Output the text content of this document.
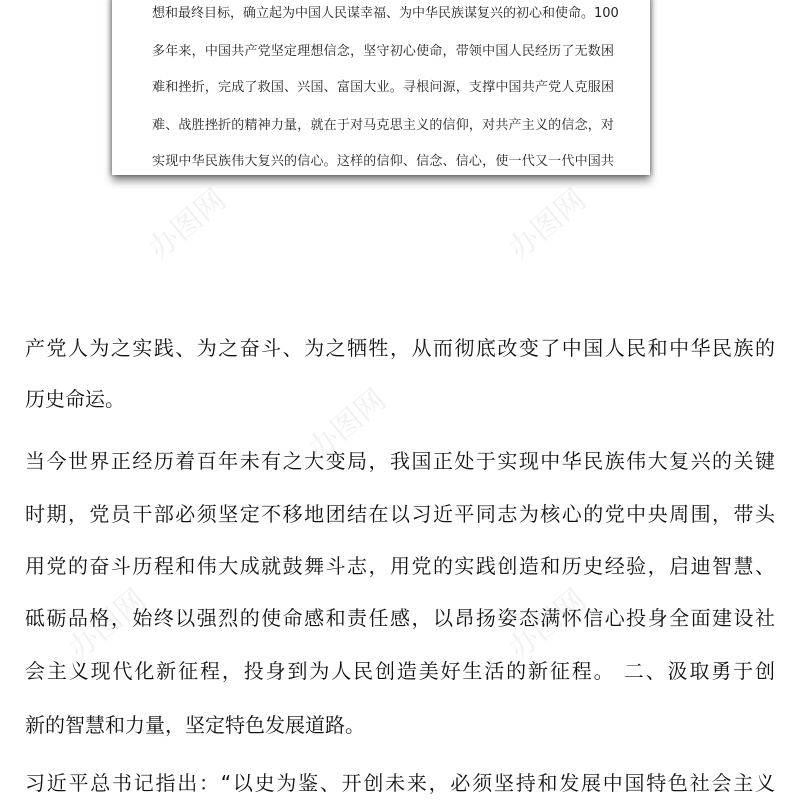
办图网	办图网
办图网
办图网	办图网
想和最终目标，确立起为中国人民谋幸福、为中华民族谋复兴的初心和使命。100
多年来，中国共产党坚定理想信念，坚守初心使命，带领中国人民经历了无数困
难和挫折，完成了救国、兴国、富国大业。寻根问源，支撑中国共产党人克服困
难、战胜挫折的精神力量，就在于对马克思主义的信仰，对共产主义的信念，对
实现中华民族伟大复兴的信心。这样的信仰、信念、信心，使一代又一代中国共
产党人为之实践、为之奋斗、为之牺牲，从而彻底改变了中国人民和中华民族的
历史命运。
当今世界正经历着百年未有之大变局，我国正处于实现中华民族伟大复兴的关键
时期，党员干部必须坚定不移地团结在以习近平同志为核心的党中央周围，带头
用党的奋斗历程和伟大成就鼓舞斗志，用党的实践创造和历史经验，启迪智慧、
砥砺品格，始终以强烈的使命感和责任感，以昂扬姿态满怀信心投身全面建设社
会主义现代化新征程，投身到为人民创造美好生活的新征程。 二、汲取勇于创
新的智慧和力量，坚定特色发展道路。
习近平总书记指出：“以史为鉴、开创未来，必须坚持和发展中国特色社会主义
